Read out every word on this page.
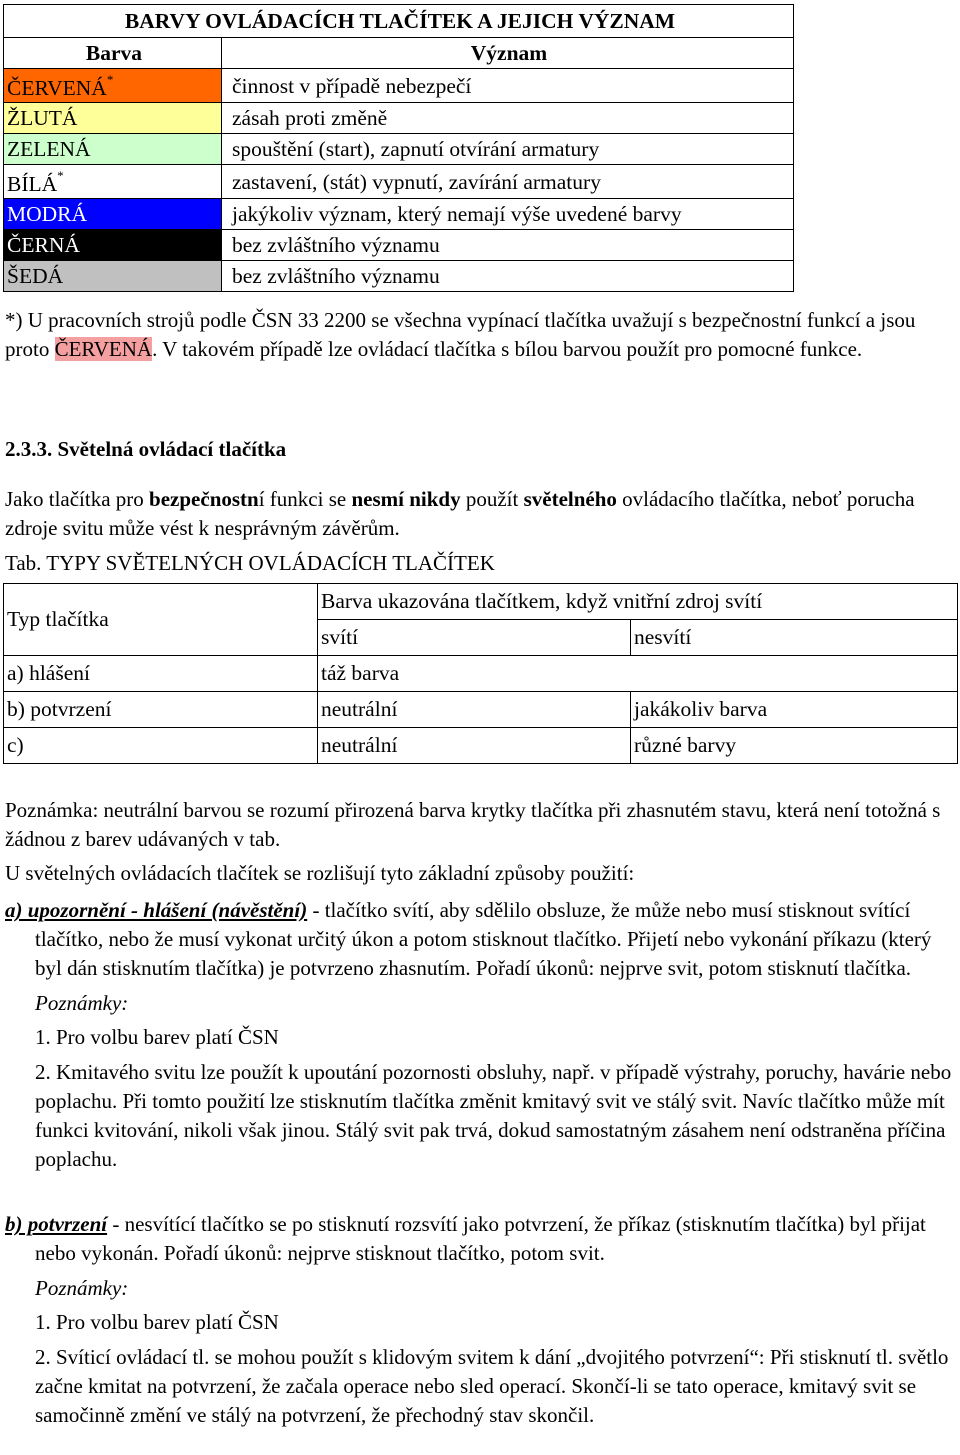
BARVY OVLÁDACÍCH TLAČÍTEK A JEJICH VÝZNAM	
Barva	Význam
ČERVENÁ*	činnost v případě nebezpečí
ŽLUTÁ	zásah proti změně
ZELENÁ	spouštění (start), zapnutí otvírání armatury
BÍLÁ*	zastavení, (stát) vypnutí, zavírání armatury
MODRÁ	jakýkoliv význam, který nemají výše uvedené barvy
ČERNÁ	bez zvláštního významu
ŠEDÁ	bez zvláštního významu
*) U pracovních strojů podle ČSN 33 2200 se všechna vypínací tlačítka uvažují s bezpečnostní funkcí a jsou proto ČERVENÁ. V takovém případě lze ovládací tlačítka s bílou barvou použít pro pomocné funkce.
2.3.3. Světelná ovládací tlačítka
Jako tlačítka pro bezpečnostní funkci se nesmí nikdy použít světelného ovládacího tlačítka, neboť porucha zdroje svitu může vést k nesprávným závěrům.
Tab. TYPY SVĚTELNÝCH OVLÁDACÍCH TLAČÍTEK
Typ tlačítka	Barva ukazována tlačítkem, když vnitřní zdroj svítí	
	svítí	nesvítí
a) hlášení	táž barva	
b) potvrzení	neutrální	jakákoliv barva
c)	neutrální	různé barvy
Poznámka: neutrální barvou se rozumí přirozená barva krytky tlačítka při zhasnutém stavu, která není totožná s žádnou z barev udávaných v tab.
U světelných ovládacích tlačítek se rozlišují tyto základní způsoby použití:
a) upozornění - hlášení (návěstění) - tlačítko svítí, aby sdělilo obsluze, že může nebo musí stisknout svítící tlačítko, nebo že musí vykonat určitý úkon a potom stisknout tlačítko. Přijetí nebo vykonání příkazu (který byl dán stisknutím tlačítka) je potvrzeno zhasnutím. Pořadí úkonů: nejprve svit, potom stisknutí tlačítka.
Poznámky:
1. Pro volbu barev platí ČSN
2. Kmitavého svitu lze použít k upoutání pozornosti obsluhy, např. v případě výstrahy, poruchy, havárie nebo poplachu. Při tomto použití lze stisknutím tlačítka změnit kmitavý svit ve stálý svit. Navíc tlačítko může mít funkci kvitování, nikoli však jinou. Stálý svit pak trvá, dokud samostatným zásahem není odstraněna příčina poplachu.
b) potvrzení - nesvítící tlačítko se po stisknutí rozsvítí jako potvrzení, že příkaz (stisknutím tlačítka) byl přijat nebo vykonán. Pořadí úkonů: nejprve stisknout tlačítko, potom svit.
Poznámky:
1. Pro volbu barev platí ČSN
2. Svíticí ovládací tl. se mohou použít s klidovým svitem k dání „dvojitého potvrzení“: Při stisknutí tl. světlo začne kmitat na potvrzení, že začala operace nebo sled operací. Skončí-li se tato operace, kmitavý svit se samočinně změní ve stálý na potvrzení, že přechodný stav skončil.
